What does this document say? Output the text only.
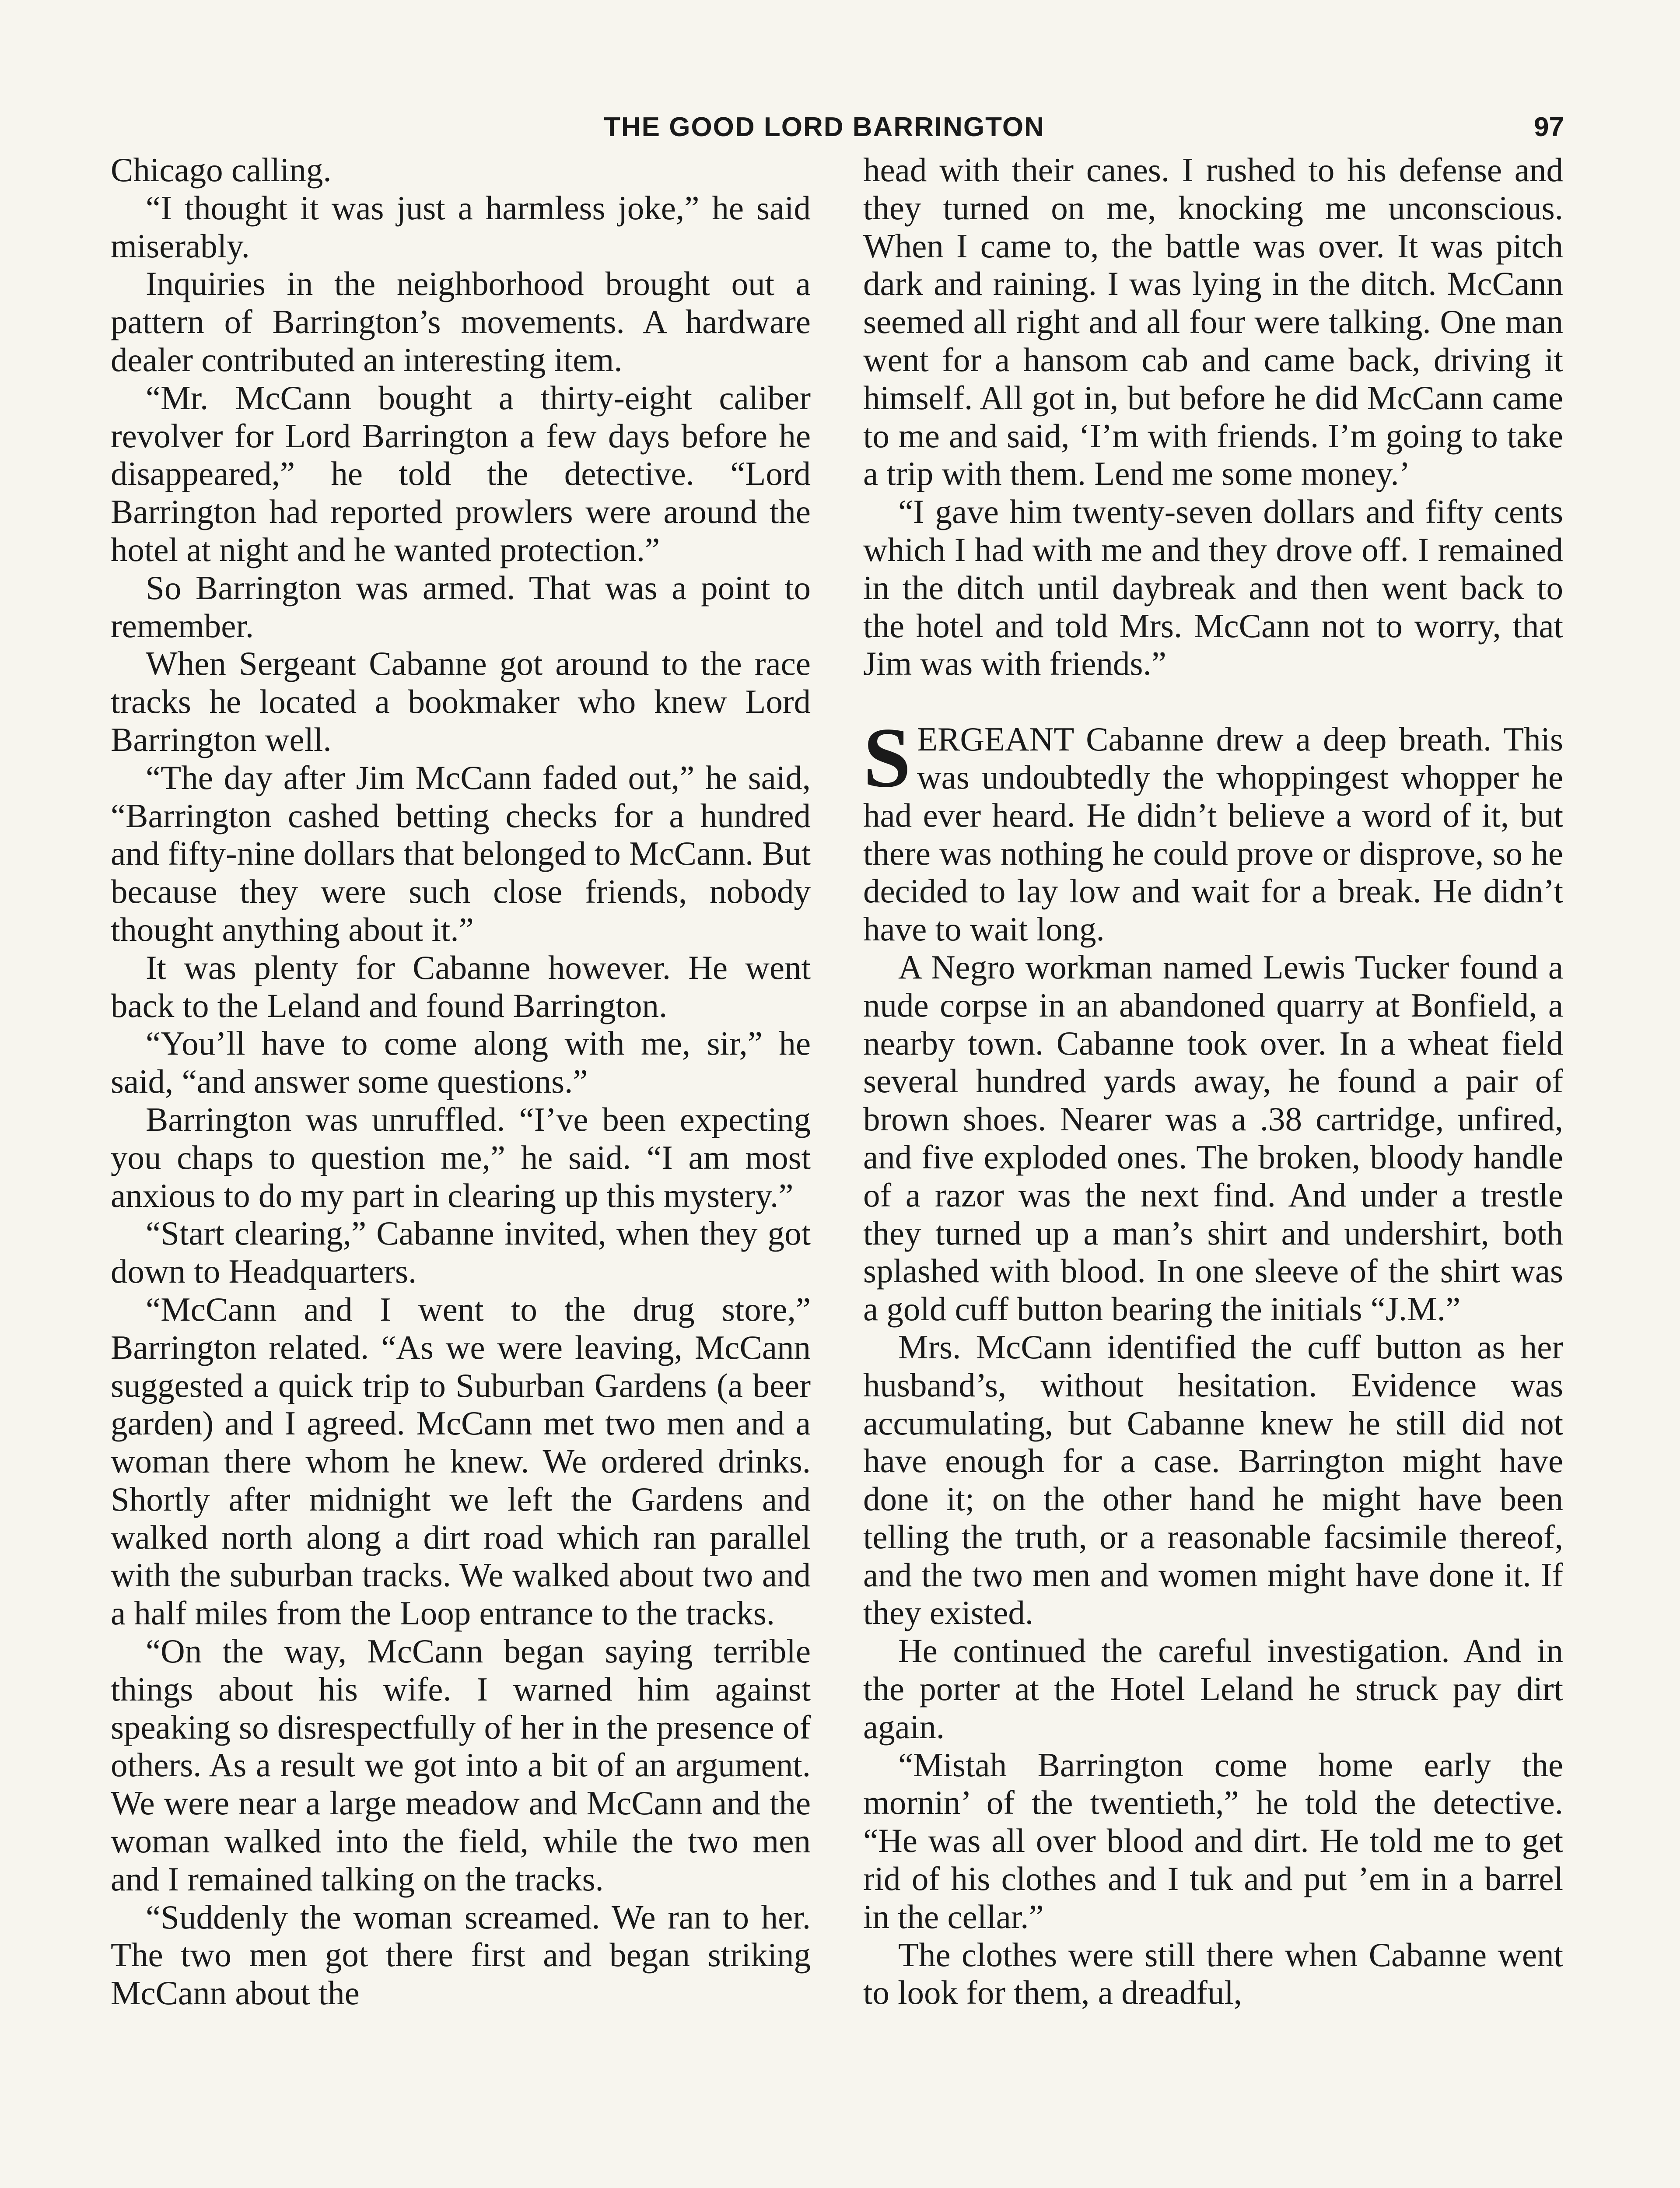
THE GOOD LORD BARRINGTON	97

Chicago calling.

“I thought it was just a harmless joke,” he said miserably.

Inquiries in the neighborhood brought out a pattern of Barrington’s movements. A hardware dealer contributed an interesting item.

“Mr. McCann bought a thirty-eight caliber revolver for Lord Barrington a few days before he disappeared,” he told the detective. “Lord Barrington had reported prowlers were around the hotel at night and he wanted protection.”

So Barrington was armed. That was a point to remember.

When Sergeant Cabanne got around to the race tracks he located a bookmaker who knew Lord Barrington well.

“The day after Jim McCann faded out,” he said, “Barrington cashed betting checks for a hundred and fifty-nine dollars that belonged to McCann. But because they were such close friends, nobody thought anything about it.”

It was plenty for Cabanne however. He went back to the Leland and found Barrington.

“You’ll have to come along with me, sir,” he said, “and answer some questions.”

Barrington was unruffled. “I’ve been expecting you chaps to question me,” he said. “I am most anxious to do my part in clearing up this mystery.”

“Start clearing,” Cabanne invited, when they got down to Headquarters.

“McCann and I went to the drug store,” Barrington related. “As we were leaving, McCann suggested a quick trip to Suburban Gardens (a beer garden) and I agreed. McCann met two men and a woman there whom he knew. We ordered drinks. Shortly after midnight we left the Gardens and walked north along a dirt road which ran parallel with the suburban tracks. We walked about two and a half miles from the Loop entrance to the tracks.

“On the way, McCann began saying terrible things about his wife. I warned him against speaking so disrespectfully of her in the presence of others. As a result we got into a bit of an argument. We were near a large meadow and McCann and the woman walked into the field, while the two men and I remained talking on the tracks.

“Suddenly the woman screamed. We ran to her. The two men got there first and began striking McCann about the

head with their canes. I rushed to his defense and they turned on me, knocking me unconscious. When I came to, the battle was over. It was pitch dark and raining. I was lying in the ditch. McCann seemed all right and all four were talking. One man went for a hansom cab and came back, driving it himself. All got in, but before he did McCann came to me and said, ‘I’m with friends. I’m going to take a trip with them. Lend me some money.’

“I gave him twenty-seven dollars and fifty cents which I had with me and they drove off. I remained in the ditch until daybreak and then went back to the hotel and told Mrs. McCann not to worry, that Jim was with friends.”

SERGEANT Cabanne drew a deep breath. This was undoubtedly the whoppingest whopper he had ever heard. He didn’t believe a word of it, but there was nothing he could prove or disprove, so he decided to lay low and wait for a break. He didn’t have to wait long.

A Negro workman named Lewis Tucker found a nude corpse in an abandoned quarry at Bonfield, a nearby town. Cabanne took over. In a wheat field several hundred yards away, he found a pair of brown shoes. Nearer was a .38 cartridge, unfired, and five exploded ones. The broken, bloody handle of a razor was the next find. And under a trestle they turned up a man’s shirt and undershirt, both splashed with blood. In one sleeve of the shirt was a gold cuff button bearing the initials “J.M.”

Mrs. McCann identified the cuff button as her husband’s, without hesitation. Evidence was accumulating, but Cabanne knew he still did not have enough for a case. Barrington might have done it; on the other hand he might have been telling the truth, or a reasonable facsimile thereof, and the two men and women might have done it. If they existed.

He continued the careful investigation. And in the porter at the Hotel Leland he struck pay dirt again.

“Mistah Barrington come home early the mornin’ of the twentieth,” he told the detective. “He was all over blood and dirt. He told me to get rid of his clothes and I tuk and put ’em in a barrel in the cellar.”

The clothes were still there when Cabanne went to look for them, a dreadful,
